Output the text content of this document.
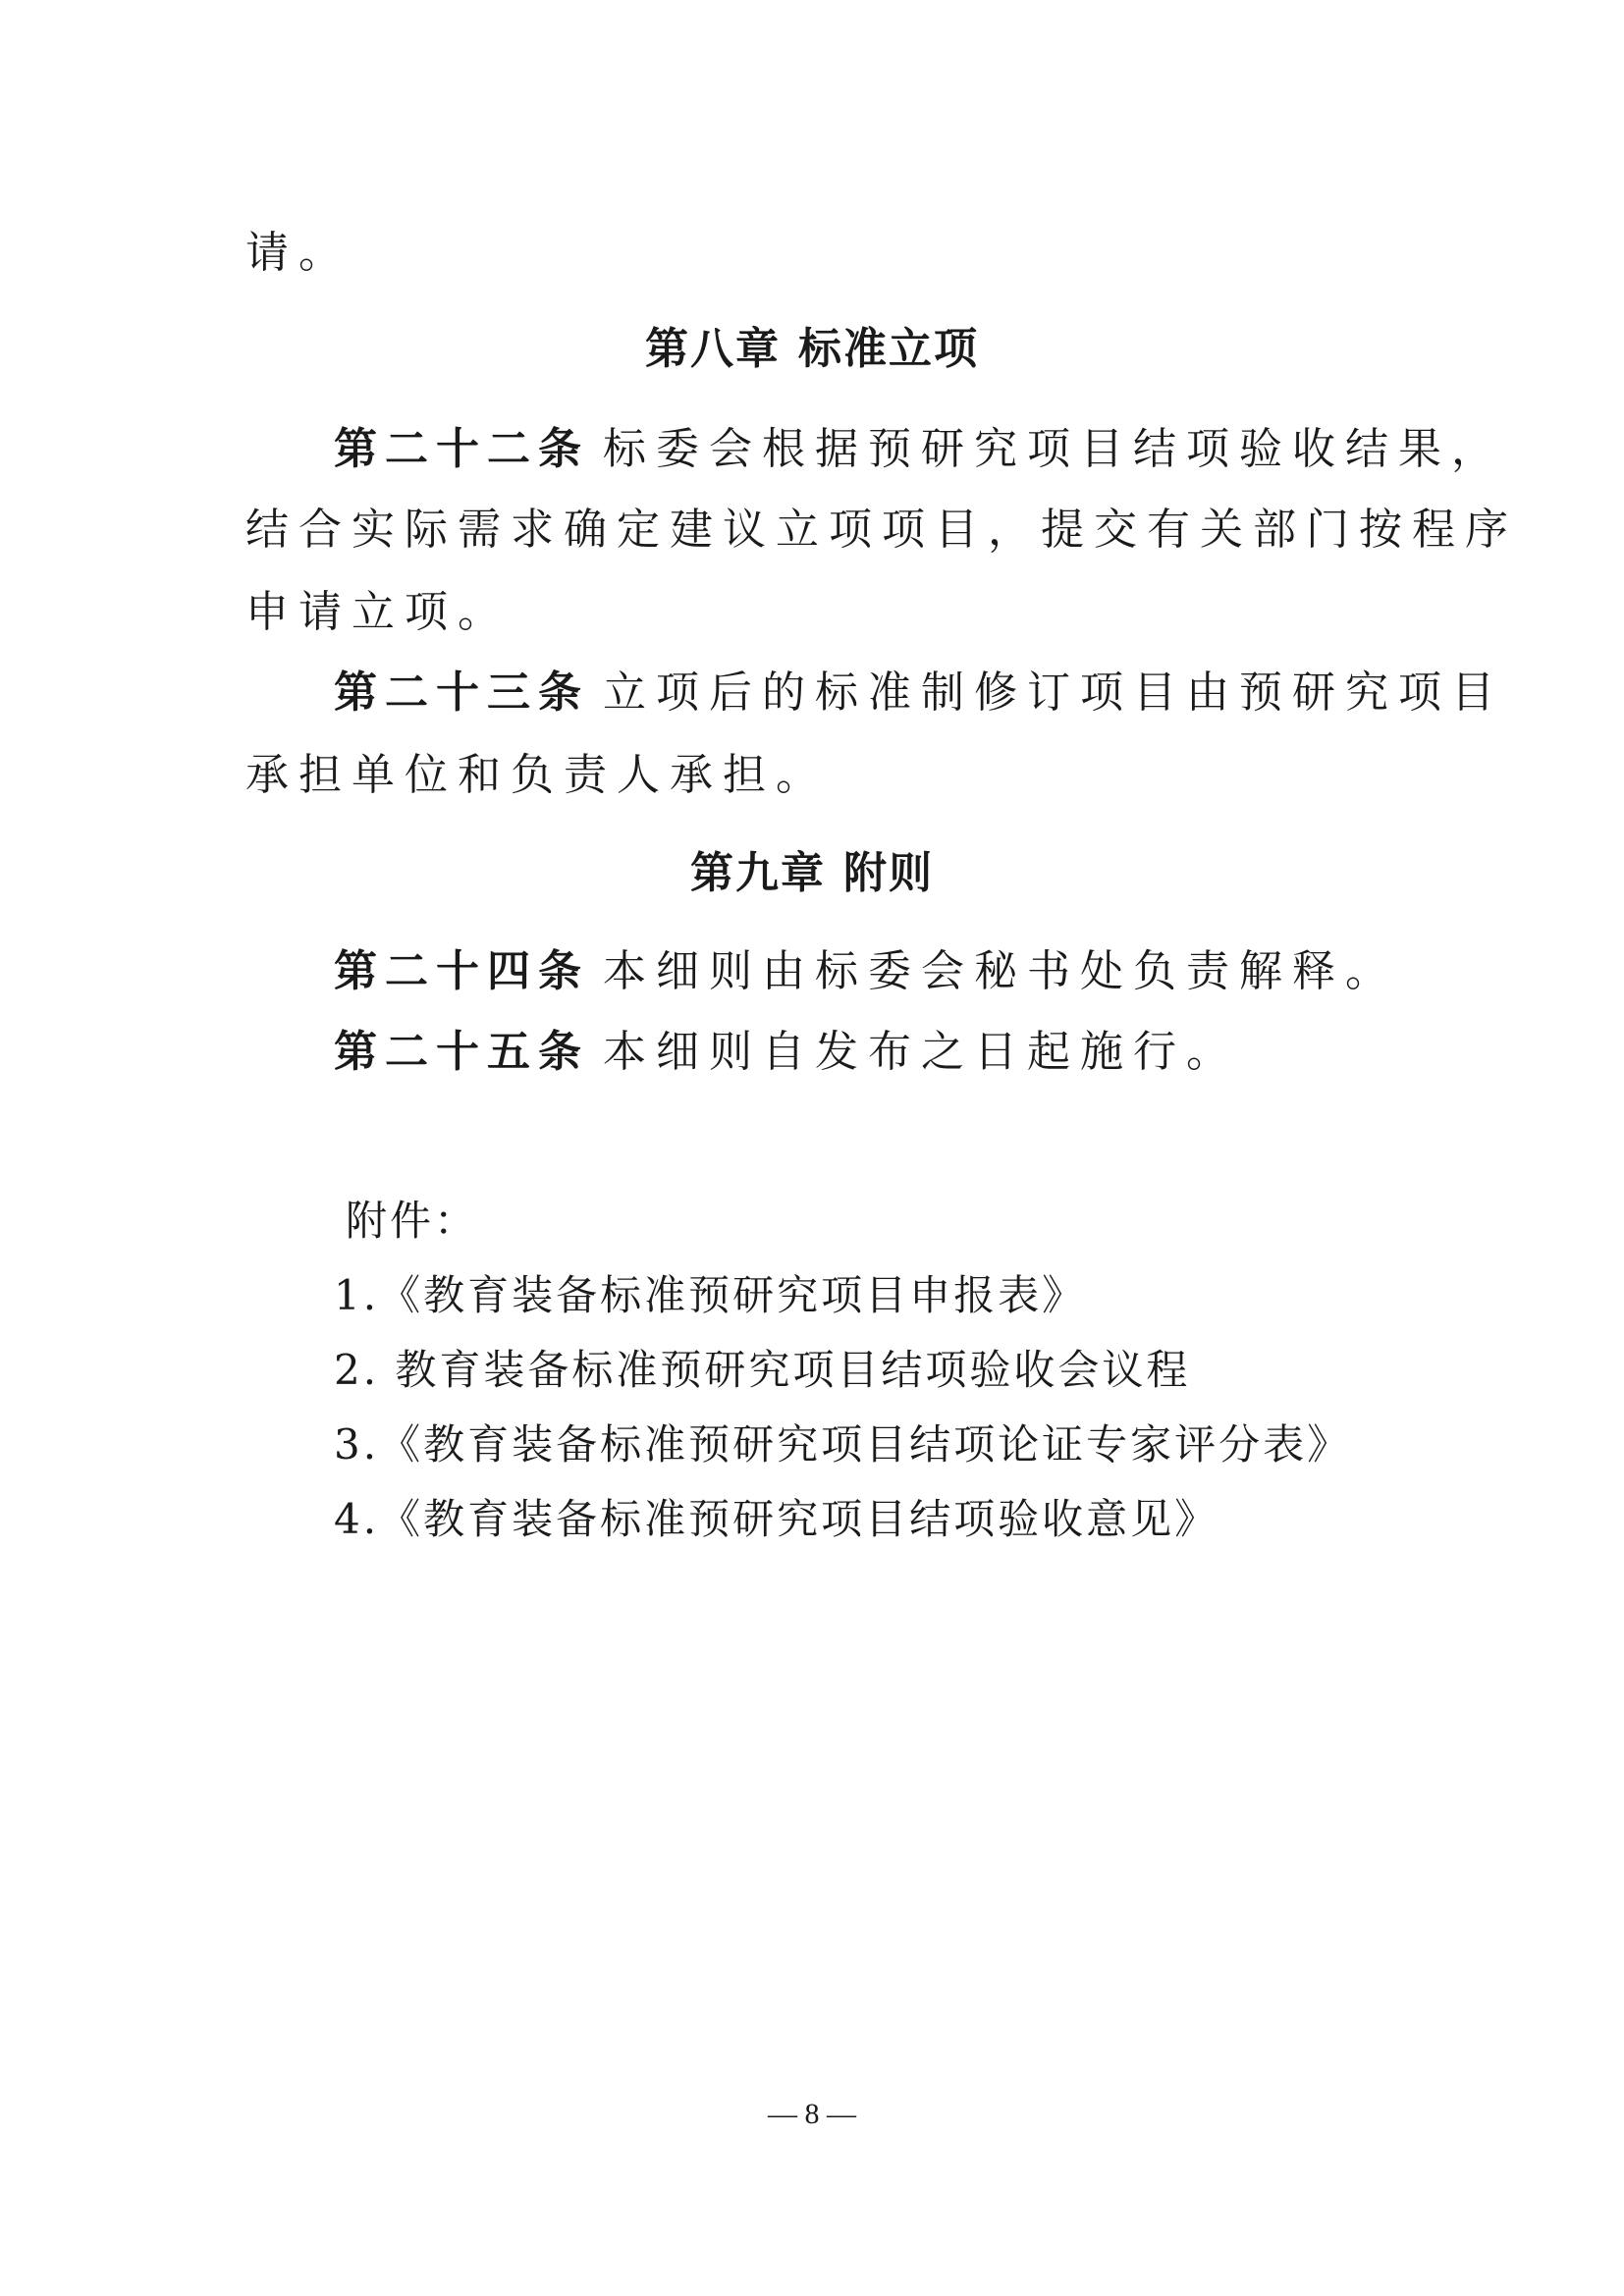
请。
第八章 标准立项
第二十二条 标委会根据预研究项目结项验收结果，
结合实际需求确定建议立项项目，提交有关部门按程序
申请立项。
第二十三条 立项后的标准制修订项目由预研究项目
承担单位和负责人承担。
第九章 附则
第二十四条 本细则由标委会秘书处负责解释。
第二十五条 本细则自发布之日起施行。
附件：
1.《教育装备标准预研究项目申报表》
2. 教育装备标准预研究项目结项验收会议程
3.《教育装备标准预研究项目结项论证专家评分表》
4.《教育装备标准预研究项目结项验收意见》
— 8 —
